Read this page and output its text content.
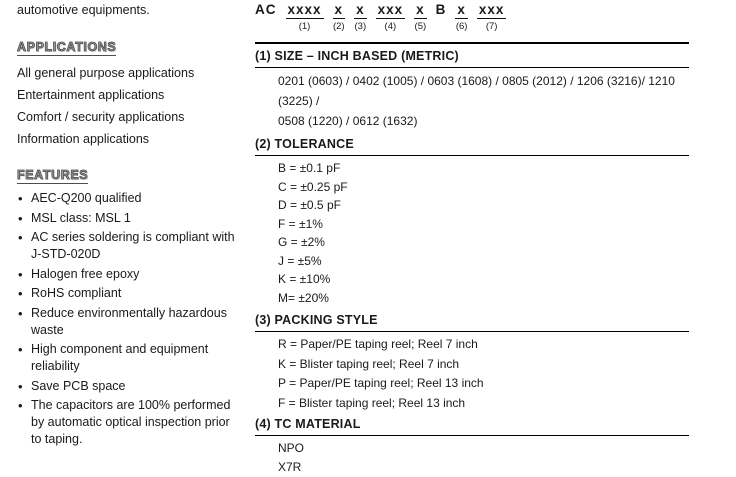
automotive equipments.
APPLICATIONS
All general purpose applications
Entertainment applications
Comfort / security applications
Information applications
FEATURES
• AEC-Q200 qualified
• MSL class: MSL 1
• AC series soldering is compliant with J-STD-020D
• Halogen free epoxy
• RoHS compliant
• Reduce environmentally hazardous waste
• High component and equipment reliability
• Save PCB space
• The capacitors are 100% performed by automatic optical inspection prior to taping.
AC xxxx
(1)
x
(2)
x
(3)
xxx
(4)
x
(5)
B x
(6)
xxx
(7)
(1) SIZE – INCH BASED (METRIC)
0201 (0603) / 0402 (1005) / 0603 (1608) / 0805 (2012) / 1206 (3216)/ 1210 (3225) /
0508 (1220) / 0612 (1632)
(2) TOLERANCE
B = ±0.1 pF
C = ±0.25 pF
D = ±0.5 pF
F = ±1%
G = ±2%
J = ±5%
K = ±10%
M= ±20%
(3) PACKING STYLE
R = Paper/PE taping reel; Reel 7 inch
K = Blister taping reel; Reel 7 inch
P = Paper/PE taping reel; Reel 13 inch
F = Blister taping reel; Reel 13 inch
(4) TC MATERIAL
NPO
X7R
